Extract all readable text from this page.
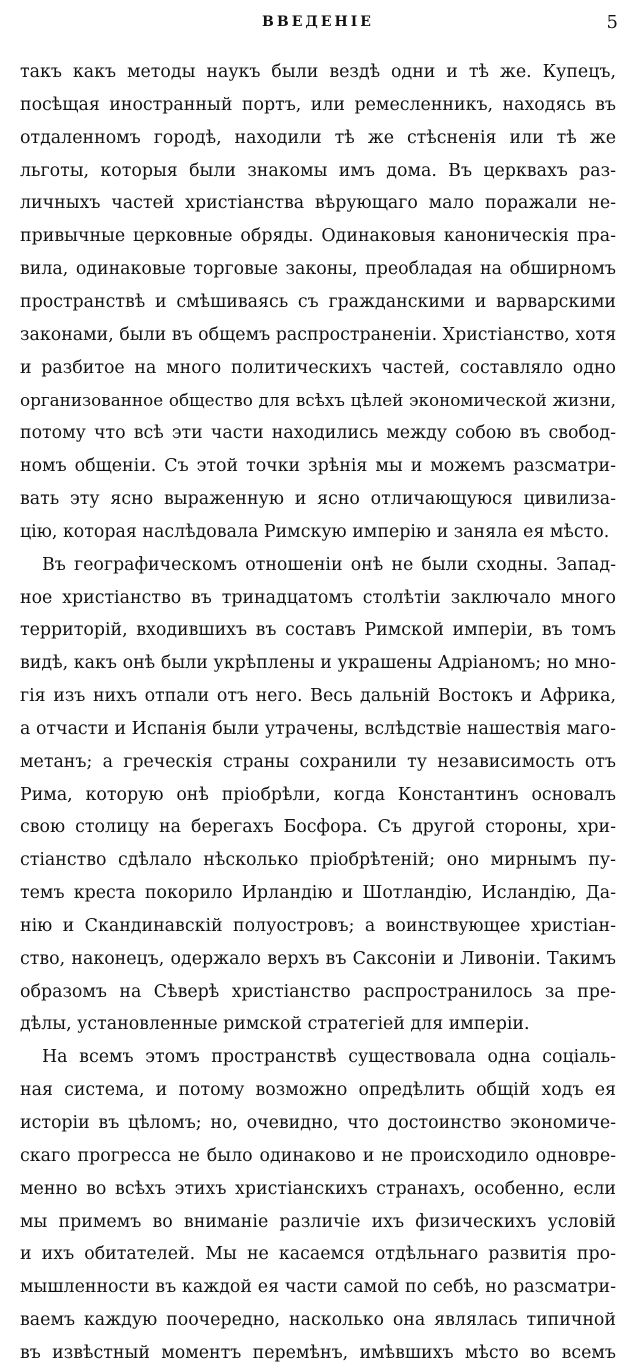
ВВЕДЕНІЕ	5
такъ какъ методы наукъ были вездѣ одни и тѣ же. Купецъ,
посѣщая иностранный портъ, или ремесленникъ, находясь въ
отдаленномъ городѣ, находили тѣ же стѣсненія или тѣ же
льготы, которыя были знакомы имъ дома. Въ церквахъ раз-
личныхъ частей христіанства вѣрующаго мало поражали не-
привычные церковные обряды. Одинаковыя каноническія пра-
вила, одинаковые торговые законы, преобладая на обширномъ
пространствѣ и смѣшиваясь съ гражданскими и варварскими
законами, были въ общемъ распространеніи. Христіанство, хотя
и разбитое на много политическихъ частей, составляло одно
организованное общество для всѣхъ цѣлей экономической жизни,
потому что всѣ эти части находились между собою въ свобод-
номъ общеніи. Съ этой точки зрѣнія мы и можемъ разсматри-
вать эту ясно выраженную и ясно отличающуюся цивилиза-
цію, которая наслѣдовала Римскую имперію и заняла ея мѣсто.
Въ географическомъ отношеніи онѣ не были сходны. Запад-
ное христіанство въ тринадцатомъ столѣтіи заключало много
территорій, входившихъ въ составъ Римской имперіи, въ томъ
видѣ, какъ онѣ были укрѣплены и украшены Адріаномъ; но мно-
гія изъ нихъ отпали отъ него. Весь дальній Востокъ и Африка,
а отчасти и Испанія были утрачены, вслѣдствіе нашествія маго-
метанъ; а греческія страны сохранили ту независимость отъ
Рима, которую онѣ пріобрѣли, когда Константинъ основалъ
свою столицу на берегахъ Босфора. Съ другой стороны, хри-
стіанство сдѣлало нѣсколько пріобрѣтеній; оно мирнымъ пу-
темъ креста покорило Ирландію и Шотландію, Исландію, Да-
нію и Скандинавскій полуостровъ; а воинствующее христіан-
ство, наконецъ, одержало верхъ въ Саксоніи и Ливоніи. Такимъ
образомъ на Сѣверѣ христіанство распространилось за пре-
дѣлы, установленные римской стратегіей для имперіи.
На всемъ этомъ пространствѣ существовала одна соціаль-
ная система, и потому возможно опредѣлить общій ходъ ея
исторіи въ цѣломъ; но, очевидно, что достоинство экономиче-
скаго прогресса не было одинаково и не происходило одновре-
менно во всѣхъ этихъ христіанскихъ странахъ, особенно, если
мы примемъ во вниманіе различіе ихъ физическихъ условій
и ихъ обитателей. Мы не касаемся отдѣльнаго развитія про-
мышленности въ каждой ея части самой по себѣ, но разсматри-
ваемъ каждую поочередно, насколько она являлась типичной
въ извѣстный моментъ перемѣнъ, имѣвшихъ мѣсто во всемъ
